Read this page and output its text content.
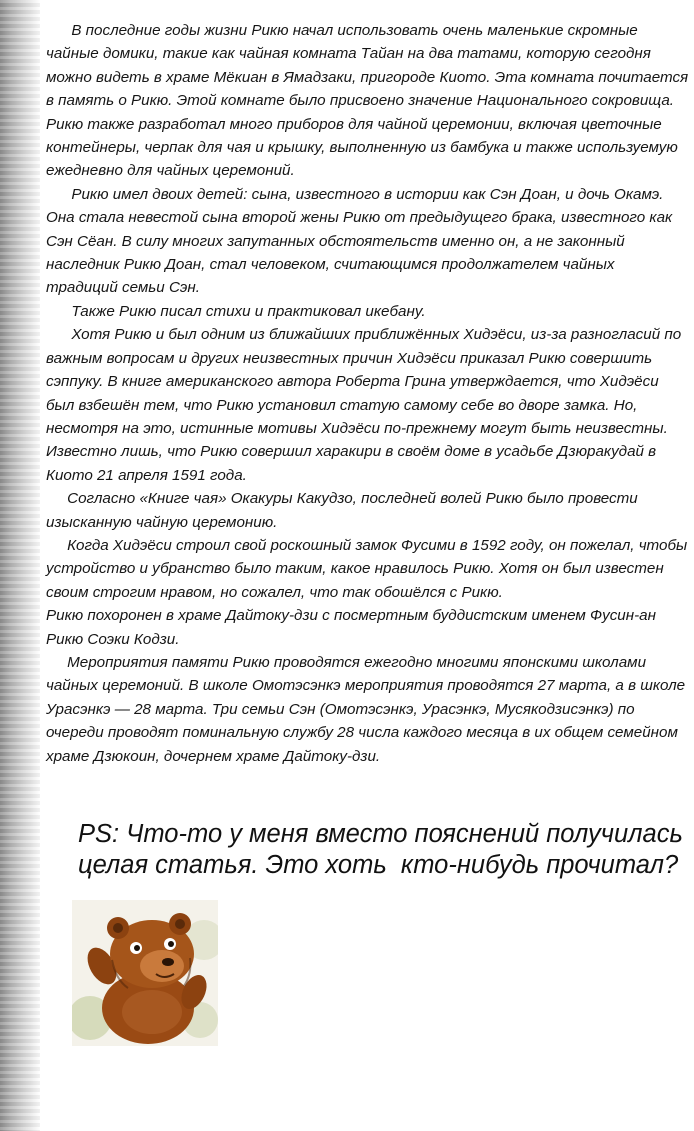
В последние годы жизни Рикю начал использовать очень маленькие скромные чайные домики, такие как чайная комната Тайан на два татами, которую сегодня можно видеть в храме Мёкиан в Ямадзаки, пригороде Киото. Эта комната почитается в память о Рикю. Этой комнате было присвоено значение Национального сокровища. Рикю также разработал много приборов для чайной церемонии, включая цветочные контейнеры, черпак для чая и крышку, выполненную из бамбука и также используемую ежедневно для чайных церемоний.

Рикю имел двоих детей: сына, известного в истории как Сэн Доан, и дочь Окамэ. Она стала невестой сына второй жены Рикю от предыдущего брака, известного как Сэн Сёан. В силу многих запутанных обстоятельств именно он, а не законный наследник Рикю Доан, стал человеком, считающимся продолжателем чайных традиций семьи Сэн.

Также Рикю писал стихи и практиковал икебану.

Хотя Рикю и был одним из ближайших приближённых Хидэёси, из-за разногласий по важным вопросам и других неизвестных причин Хидэёси приказал Рикю совершить сэппуку. В книге американского автора Роберта Грина утверждается, что Хидэёси был взбешён тем, что Рикю установил статую самому себе во дворе замка. Но, несмотря на это, истинные мотивы Хидэёси по-прежнему могут быть неизвестны. Известно лишь, что Рикю совершил харакири в своём доме в усадьбе Дзюракудай в Киото 21 апреля 1591 года.

Согласно «Книге чая» Окакуры Какудзо, последней волей Рикю было провести изысканную чайную церемонию.

Когда Хидэёси строил свой роскошный замок Фусими в 1592 году, он пожелал, чтобы устройство и убранство было таким, какое нравилось Рикю. Хотя он был известен своим строгим нравом, но сожалел, что так обошёлся с Рикю.

Рикю похоронен в храме Дайтоку-дзи с посмертным буддистским именем Фусин-ан Рикю Соэки Кодзи.

Мероприятия памяти Рикю проводятся ежегодно многими японскими школами чайных церемоний. В школе Омотэсэнкэ мероприятия проводятся 27 марта, а в школе Урасэнкэ — 28 марта. Три семьи Сэн (Омотэсэнкэ, Урасэнкэ, Мусякодзисэнкэ) по очереди проводят поминальную службу 28 числа каждого месяца в их общем семейном храме Дзюкоин, дочернем храме Дайтоку-дзи.

PS: Что-то у меня вместо пояснений получилась

целая статья. Это хоть  кто-нибудь прочитал?
